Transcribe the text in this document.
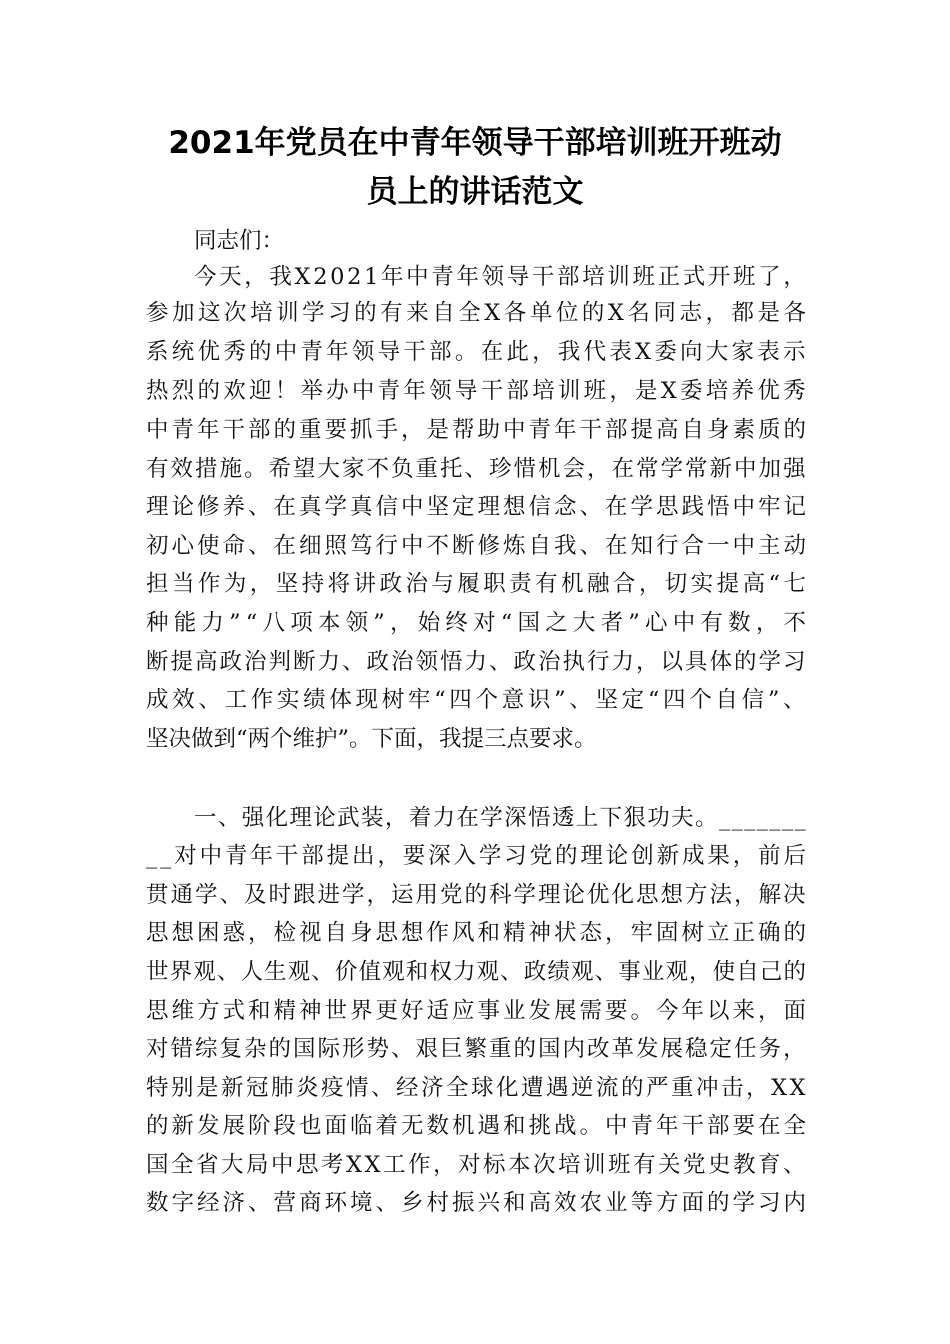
2021年党员在中青年领导干部培训班开班动
员上的讲话范文
同志们：
今天，我X2021年中青年领导干部培训班正式开班了，
参加这次培训学习的有来自全X各单位的X名同志，都是各
系统优秀的中青年领导干部。在此，我代表X委向大家表示
热烈的欢迎！举办中青年领导干部培训班，是X委培养优秀
中青年干部的重要抓手，是帮助中青年干部提高自身素质的
有效措施。希望大家不负重托、珍惜机会，在常学常新中加强
理论修养、在真学真信中坚定理想信念、在学思践悟中牢记
初心使命、在细照笃行中不断修炼自我、在知行合一中主动
担当作为，坚持将讲政治与履职责有机融合，切实提高“七
种能力”“八项本领”，始终对“国之大者”心中有数，不
断提高政治判断力、政治领悟力、政治执行力，以具体的学习
成效、工作实绩体现树牢“四个意识”、坚定“四个自信”、
坚决做到“两个维护”。下面，我提三点要求。
一、强化理论武装，着力在学深悟透上下狠功夫。_______
__对中青年干部提出，要深入学习党的理论创新成果，前后
贯通学、及时跟进学，运用党的科学理论优化思想方法，解决
思想困惑，检视自身思想作风和精神状态，牢固树立正确的
世界观、人生观、价值观和权力观、政绩观、事业观，使自己的
思维方式和精神世界更好适应事业发展需要。今年以来，面
对错综复杂的国际形势、艰巨繁重的国内改革发展稳定任务，
特别是新冠肺炎疫情、经济全球化遭遇逆流的严重冲击，XX
的新发展阶段也面临着无数机遇和挑战。中青年干部要在全
国全省大局中思考XX工作，对标本次培训班有关党史教育、
数字经济、营商环境、乡村振兴和高效农业等方面的学习内
